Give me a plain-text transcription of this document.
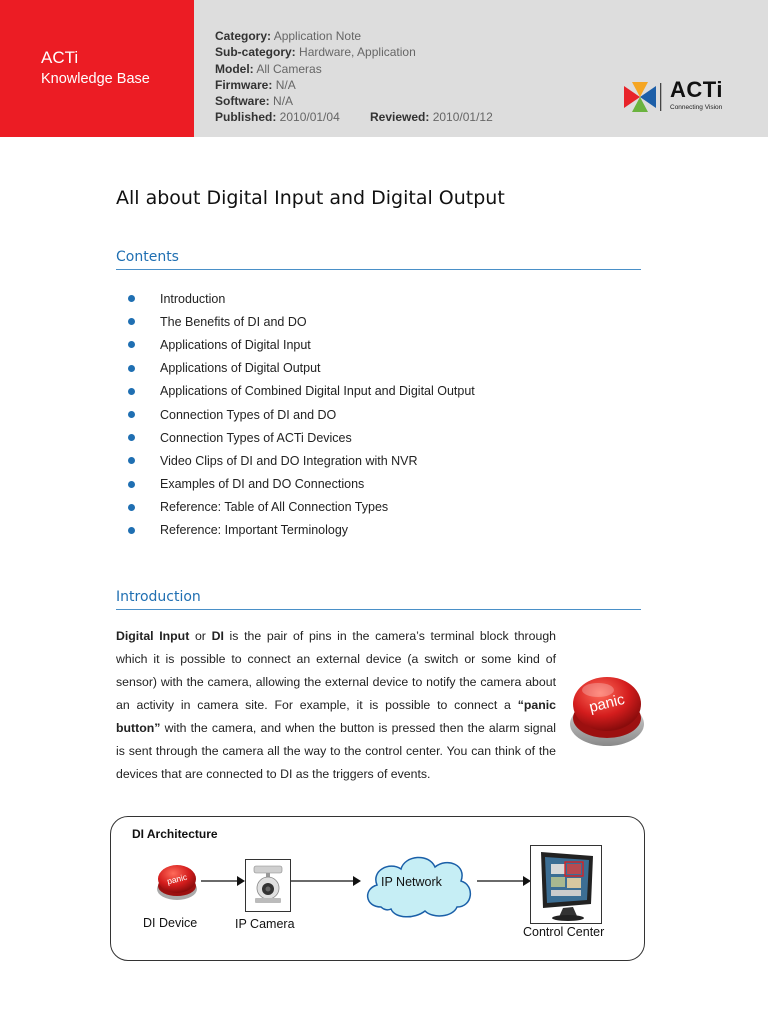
ACTi
Knowledge Base
Category: Application Note
Sub-category: Hardware, Application
Model: All Cameras
Firmware: N/A
Software: N/A
Published: 2010/01/04	Reviewed: 2010/01/12
ACTi
Connecting Vision
All about Digital Input and Digital Output
Contents
Introduction
The Benefits of DI and DO
Applications of Digital Input
Applications of Digital Output
Applications of Combined Digital Input and Digital Output
Connection Types of DI and DO
Connection Types of ACTi Devices
Video Clips of DI and DO Integration with NVR
Examples of DI and DO Connections
Reference: Table of All Connection Types
Reference: Important Terminology
Introduction
Digital Input or DI is the pair of pins in the camera’s terminal block through which it is possible to connect an external device (a switch or some kind of sensor) with the camera, allowing the external device to notify the camera about an activity in camera site. For example, it is possible to connect a “panic button” with the camera, and when the button is pressed then the alarm signal is sent through the camera all the way to the control center. You can think of the devices that are connected to DI as the triggers of events.
panic
DI Architecture
panic
DI Device	IP Camera
IP Network
Control Center
